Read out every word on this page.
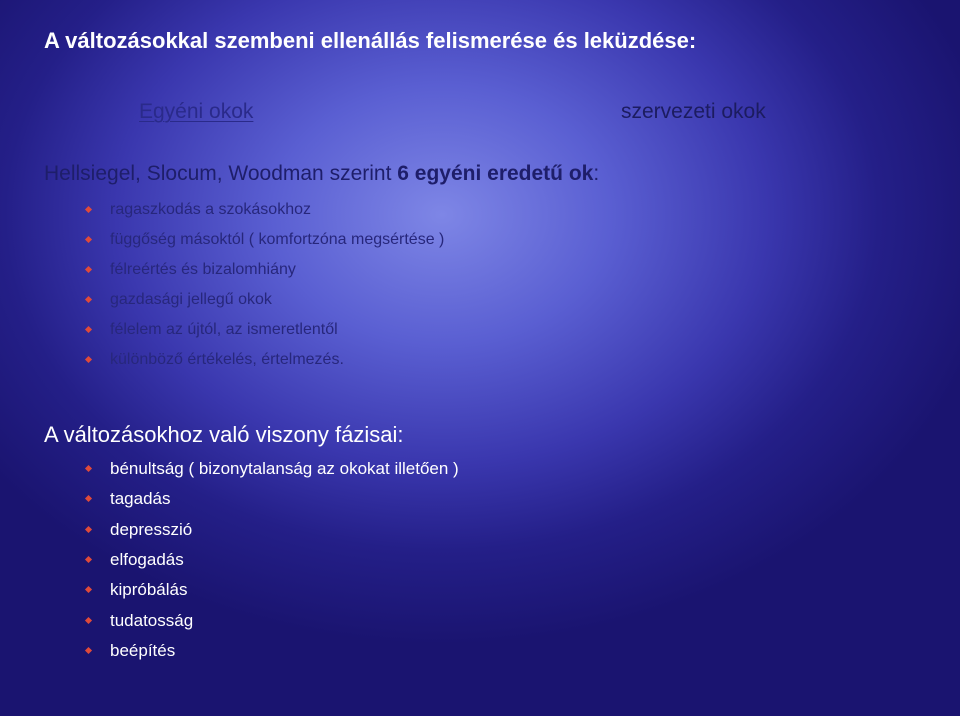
A változásokkal szembeni ellenállás felismerése és leküzdése:
Egyéni okok	szervezeti okok
Hellsiegel, Slocum, Woodman szerint 6 egyéni eredetű ok:
ragaszkodás a szokásokhoz
függőség másoktól ( komfortzóna megsértése )
félreértés és bizalomhiány
gazdasági jellegű okok
félelem az újtól, az ismeretlentől
különböző értékelés, értelmezés.
A változásokhoz való viszony fázisai:
bénultság ( bizonytalanság az okokat illetően )
tagadás
depresszió
elfogadás
kipróbálás
tudatosság
beépítés
